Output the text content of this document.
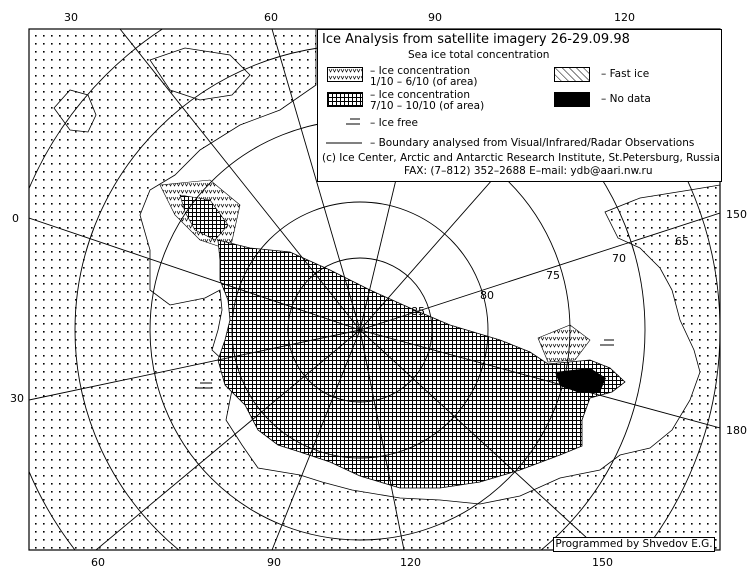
85
80
75
70
65
30	60	90	120
0
30
150
180
60	90	120	150
Ice Analysis from satellite imagery 26-29.09.98
Sea ice total concentration
– Ice concentration
1/10 – 6/10 (of area)
– Ice concentration
7/10 – 10/10 (of area)
– Fast ice
– No data
– Ice free
– Boundary analysed from Visual/Infrared/Radar Observations
(c) Ice Center, Arctic and Antarctic Research Institute, St.Petersburg, Russia
FAX: (7–812) 352–2688 E–mail: ydb@aari.nw.ru
Programmed by Shvedov E.G.
